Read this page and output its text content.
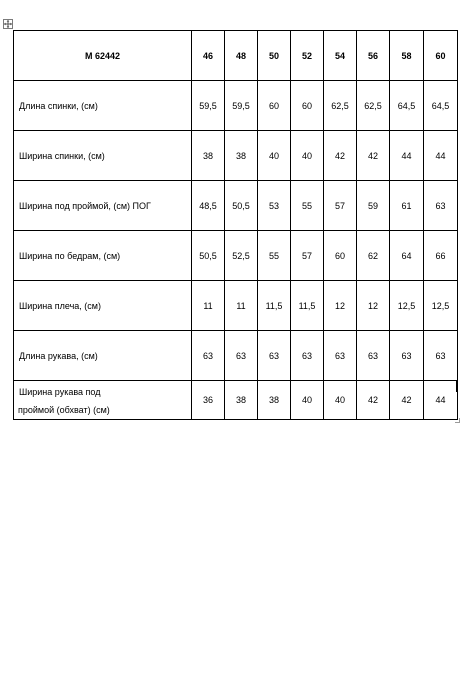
М 62442	46	48	50	52	54	56	58	60
Длина спинки, (см)	59,5	59,5	60	60	62,5	62,5	64,5	64,5
Ширина спинки, (см)	38	38	40	40	42	42	44	44
Ширина под проймой, (см) ПОГ	48,5	50,5	53	55	57	59	61	63
Ширина по бедрам, (см)	50,5	52,5	55	57	60	62	64	66
Ширина плеча, (см)	11	11	11,5	11,5	12	12	12,5	12,5
Длина рукава, (см)	63	63	63	63	63	63	63	63
Ширина рукава под
проймой (обхват) (см)	36	38	38	40	40	42	42	44
